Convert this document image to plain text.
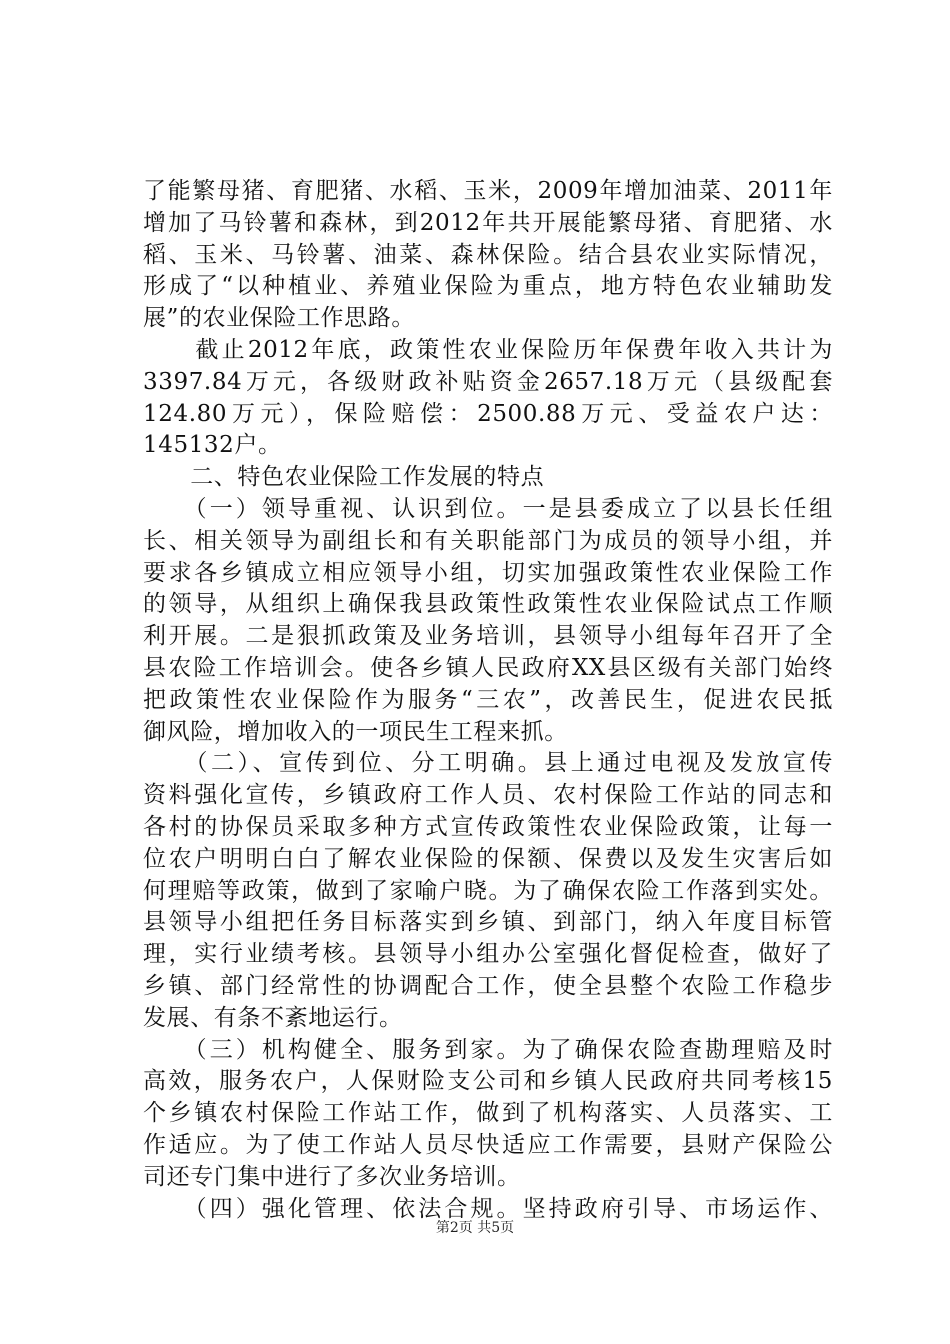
了能繁母猪、育肥猪、水稻、玉米，2009年增加油菜、2011年
增加了马铃薯和森林，到2012年共开展能繁母猪、育肥猪、水
稻、玉米、马铃薯、油菜、森林保险。结合县农业实际情况，
形成了“以种植业、养殖业保险为重点，地方特色农业辅助发
展”的农业保险工作思路。
　　截止2012年底，政策性农业保险历年保费年收入共计为
3397.84万元，各级财政补贴资金2657.18万元（县级配套
124.80万元），保险赔偿：2500.88万元、受益农户达：
145132户。
　　二、特色农业保险工作发展的特点
　　（一）领导重视、认识到位。一是县委成立了以县长任组
长、相关领导为副组长和有关职能部门为成员的领导小组，并
要求各乡镇成立相应领导小组，切实加强政策性农业保险工作
的领导，从组织上确保我县政策性政策性农业保险试点工作顺
利开展。二是狠抓政策及业务培训，县领导小组每年召开了全
县农险工作培训会。使各乡镇人民政府XX县区级有关部门始终
把政策性农业保险作为服务“三农”，改善民生，促进农民抵
御风险，增加收入的一项民生工程来抓。
　　（二）、宣传到位、分工明确。县上通过电视及发放宣传
资料强化宣传，乡镇政府工作人员、农村保险工作站的同志和
各村的协保员采取多种方式宣传政策性农业保险政策，让每一
位农户明明白白了解农业保险的保额、保费以及发生灾害后如
何理赔等政策，做到了家喻户晓。为了确保农险工作落到实处。
县领导小组把任务目标落实到乡镇、到部门，纳入年度目标管
理，实行业绩考核。县领导小组办公室强化督促检查，做好了
乡镇、部门经常性的协调配合工作，使全县整个农险工作稳步
发展、有条不紊地运行。
　　（三）机构健全、服务到家。为了确保农险查勘理赔及时
高效，服务农户，人保财险支公司和乡镇人民政府共同考核15
个乡镇农村保险工作站工作，做到了机构落实、人员落实、工
作适应。为了使工作站人员尽快适应工作需要，县财产保险公
司还专门集中进行了多次业务培训。
　　（四）强化管理、依法合规。坚持政府引导、市场运作、
第2页 共5页
